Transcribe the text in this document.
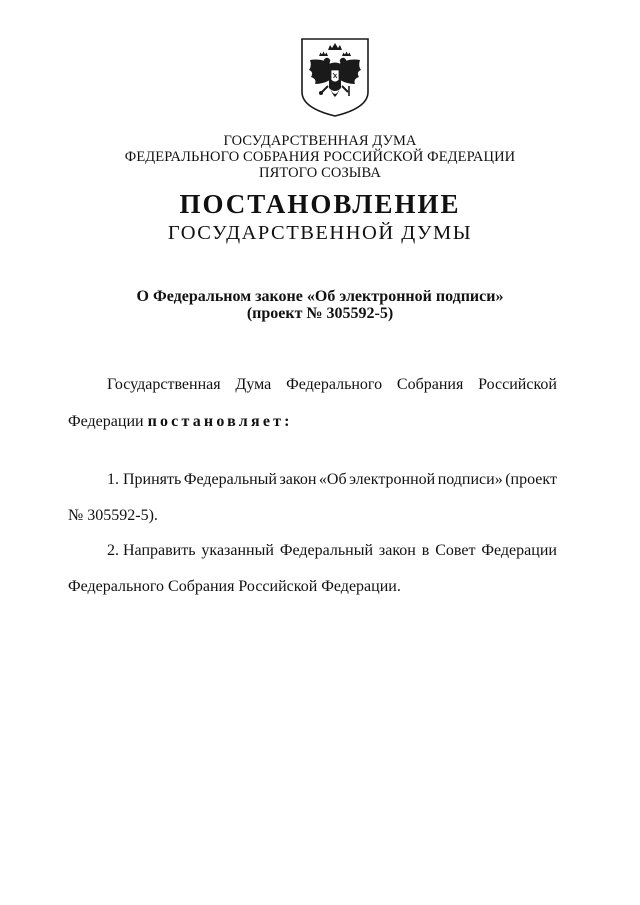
ГОСУДАРСТВЕННАЯ ДУМА
ФЕДЕРАЛЬНОГО СОБРАНИЯ РОССИЙСКОЙ ФЕДЕРАЦИИ
ПЯТОГО СОЗЫВА
ПОСТАНОВЛЕНИЕ
ГОСУДАРСТВЕННОЙ ДУМЫ
О Федеральном законе «Об электронной подписи»
(проект № 305592-5)
Государственная Дума Федерального Собрания Российской
Федерации постановляет:
1. Принять Федеральный закон «Об электронной подписи» (проект
№ 305592-5).
2. Направить указанный Федеральный закон в Совет Федерации
Федерального Собрания Российской Федерации.
